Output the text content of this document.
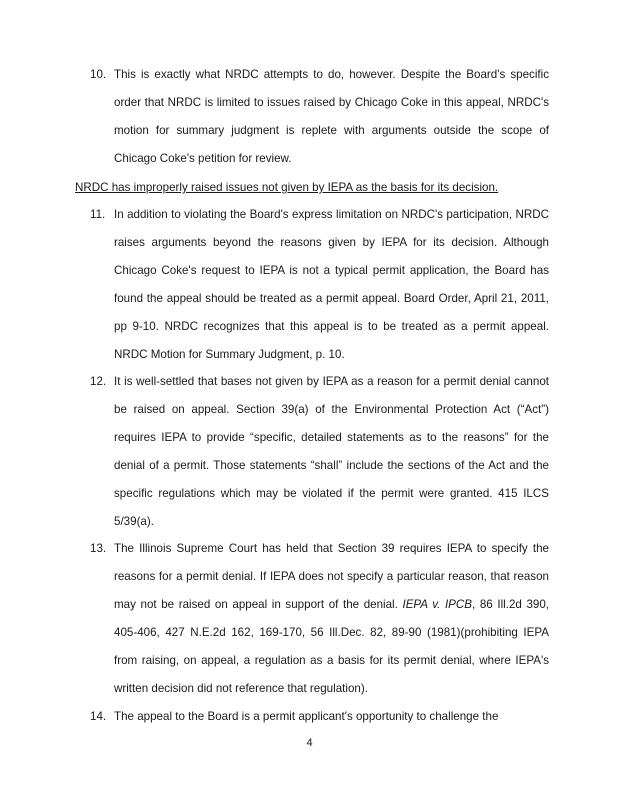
10. This is exactly what NRDC attempts to do, however. Despite the Board's specific order that NRDC is limited to issues raised by Chicago Coke in this appeal, NRDC's motion for summary judgment is replete with arguments outside the scope of Chicago Coke's petition for review.
NRDC has improperly raised issues not given by IEPA as the basis for its decision.
11. In addition to violating the Board's express limitation on NRDC's participation, NRDC raises arguments beyond the reasons given by IEPA for its decision. Although Chicago Coke's request to IEPA is not a typical permit application, the Board has found the appeal should be treated as a permit appeal. Board Order, April 21, 2011, pp 9-10. NRDC recognizes that this appeal is to be treated as a permit appeal. NRDC Motion for Summary Judgment, p. 10.
12. It is well-settled that bases not given by IEPA as a reason for a permit denial cannot be raised on appeal. Section 39(a) of the Environmental Protection Act (“Act”) requires IEPA to provide “specific, detailed statements as to the reasons” for the denial of a permit. Those statements “shall” include the sections of the Act and the specific regulations which may be violated if the permit were granted. 415 ILCS 5/39(a).
13. The Illinois Supreme Court has held that Section 39 requires IEPA to specify the reasons for a permit denial. If IEPA does not specify a particular reason, that reason may not be raised on appeal in support of the denial. IEPA v. IPCB, 86 Ill.2d 390, 405-406, 427 N.E.2d 162, 169-170, 56 Ill.Dec. 82, 89-90 (1981)(prohibiting IEPA from raising, on appeal, a regulation as a basis for its permit denial, where IEPA's written decision did not reference that regulation).
14. The appeal to the Board is a permit applicant's opportunity to challenge the
4
